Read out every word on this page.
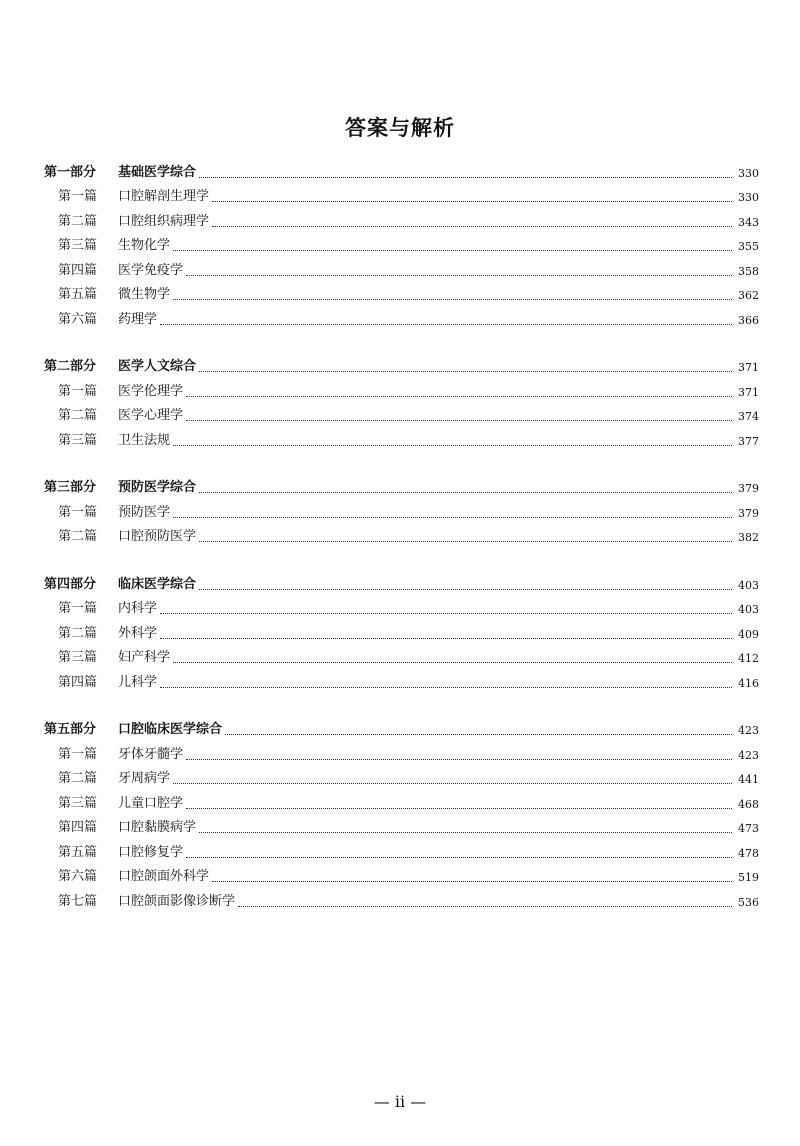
答案与解析
第一部分 基础医学综合	330
第一篇 口腔解剖生理学	330
第二篇 口腔组织病理学	343
第三篇 生物化学	355
第四篇 医学免疫学	358
第五篇 微生物学	362
第六篇 药理学	366
第二部分 医学人文综合	371
第一篇 医学伦理学	371
第二篇 医学心理学	374
第三篇 卫生法规	377
第三部分 预防医学综合	379
第一篇 预防医学	379
第二篇 口腔预防医学	382
第四部分 临床医学综合	403
第一篇 内科学	403
第二篇 外科学	409
第三篇 妇产科学	412
第四篇 儿科学	416
第五部分 口腔临床医学综合	423
第一篇 牙体牙髓学	423
第二篇 牙周病学	441
第三篇 儿童口腔学	468
第四篇 口腔黏膜病学	473
第五篇 口腔修复学	478
第六篇 口腔颌面外科学	519
第七篇 口腔颌面影像诊断学	536
— ii —
